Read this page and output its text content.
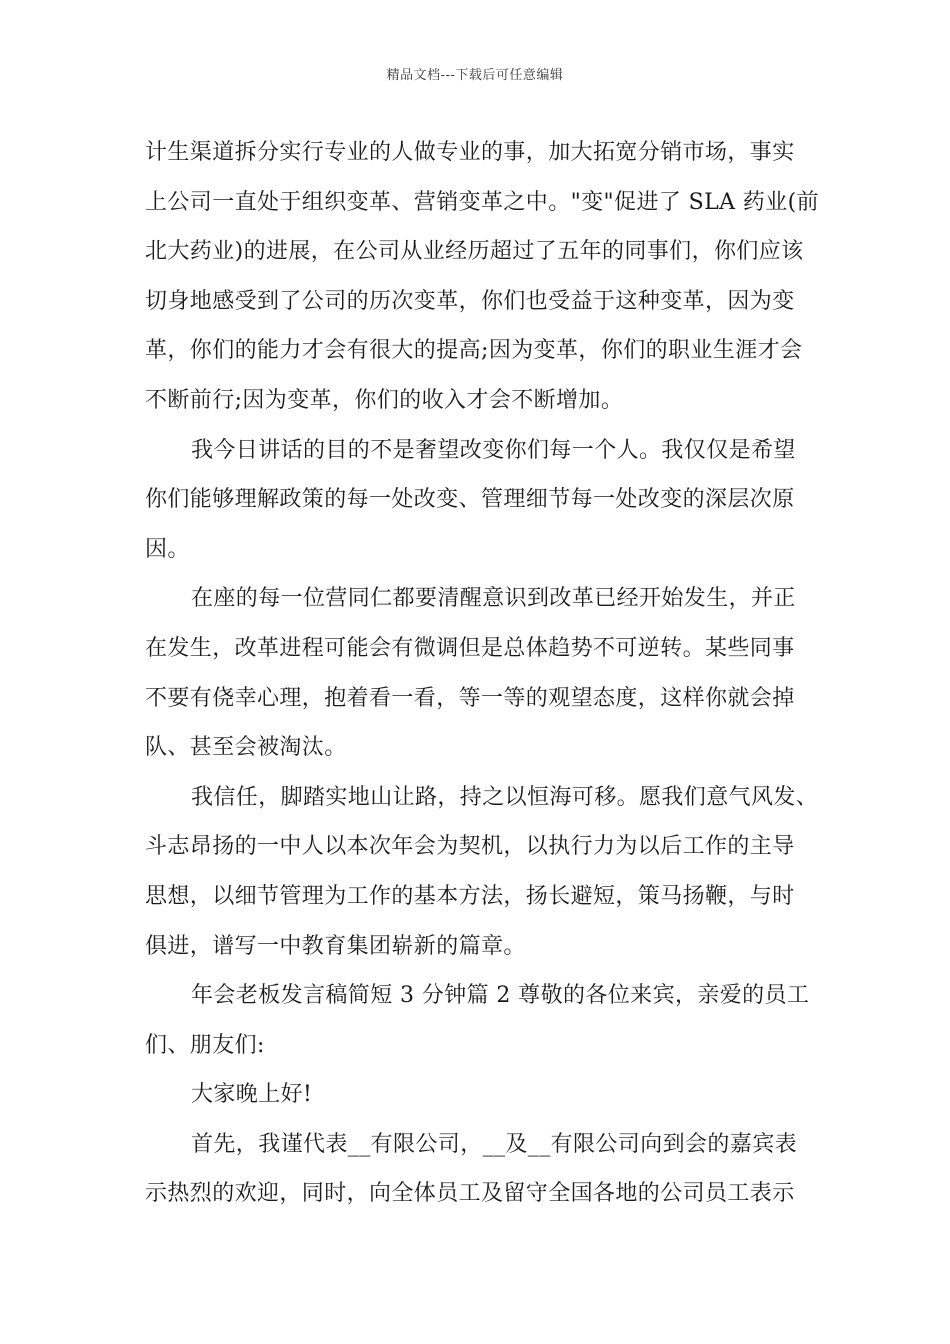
精品文档---下载后可任意编辑
计生渠道拆分实行专业的人做专业的事，加大拓宽分销市场，事实
上公司一直处于组织变革、营销变革之中。"变"促进了 SLA 药业(前
北大药业)的进展，在公司从业经历超过了五年的同事们，你们应该
切身地感受到了公司的历次变革，你们也受益于这种变革，因为变
革，你们的能力才会有很大的提高;因为变革，你们的职业生涯才会
不断前行;因为变革，你们的收入才会不断增加。
我今日讲话的目的不是奢望改变你们每一个人。我仅仅是希望
你们能够理解政策的每一处改变、管理细节每一处改变的深层次原
因。
在座的每一位营同仁都要清醒意识到改革已经开始发生，并正
在发生，改革进程可能会有微调但是总体趋势不可逆转。某些同事
不要有侥幸心理，抱着看一看，等一等的观望态度，这样你就会掉
队、甚至会被淘汰。
我信任，脚踏实地山让路，持之以恒海可移。愿我们意气风发、
斗志昂扬的一中人以本次年会为契机，以执行力为以后工作的主导
思想，以细节管理为工作的基本方法，扬长避短，策马扬鞭，与时
俱进，谱写一中教育集团崭新的篇章。
年会老板发言稿简短 3 分钟篇 2 尊敬的各位来宾，亲爱的员工
们、朋友们:
大家晚上好!
首先，我谨代表__有限公司，__及__有限公司向到会的嘉宾表
示热烈的欢迎，同时，向全体员工及留守全国各地的公司员工表示
